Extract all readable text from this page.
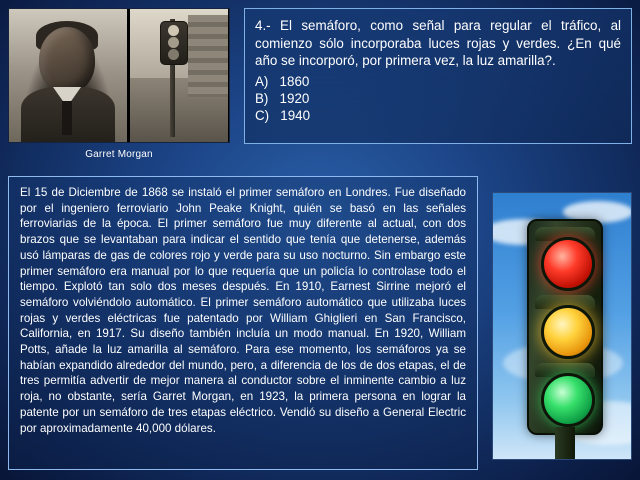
Garret Morgan

4.- El semáforo, como señal para regular el tráfico, al comienzo sólo incorporaba luces rojas y verdes. ¿En qué año se incorporó, por primera vez, la luz amarilla?.

A)   1860
B)   1920
C)   1940

El 15 de Diciembre de 1868 se instaló el primer semáforo en Londres. Fue diseñado por el ingeniero ferroviario John Peake Knight, quién se basó en las señales ferroviarias de la época. El primer semáforo fue muy diferente al actual, con dos brazos que se levantaban para indicar el sentido que tenía que detenerse, además usó lámparas de gas de colores rojo y verde para su uso nocturno. Sin embargo este primer semáforo era manual por lo que requería que un policía lo controlase todo el tiempo. Explotó tan solo dos meses después. En 1910, Earnest Sirrine mejoró el semáforo volviéndolo automático. El primer semáforo automático que utilizaba luces rojas y verdes eléctricas fue patentado por William Ghiglieri en San Francisco, California, en 1917. Su diseño también incluía un modo manual. En 1920, William Potts, añade la luz amarilla al semáforo. Para ese momento, los semáforos ya se habían expandido alrededor del mundo, pero, a diferencia de los de dos etapas, el de tres permitía advertir de mejor manera al conductor sobre el inminente cambio a luz roja, no obstante, sería Garret Morgan, en 1923, la primera persona en lograr la patente por un semáforo de tres etapas eléctrico. Vendió su diseño a General Electric por aproximadamente 40,000 dólares.
